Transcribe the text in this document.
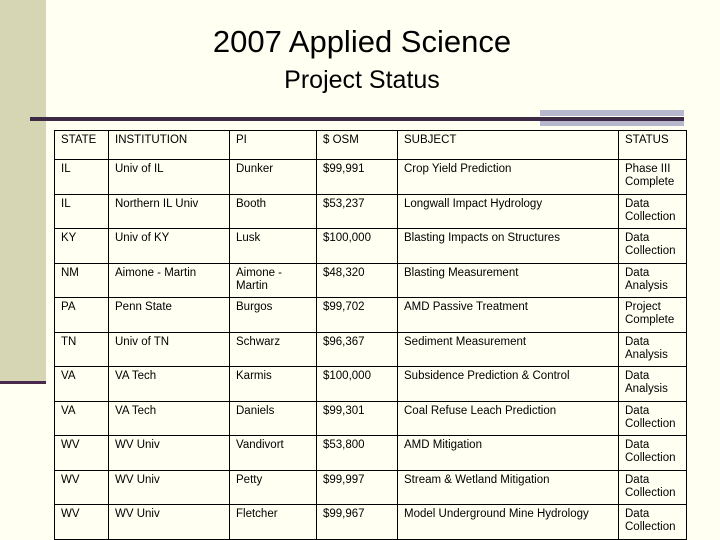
2007 Applied Science
Project Status
STATE	INSTITUTION	PI	$ OSM	SUBJECT	STATUS
IL	Univ of IL	Dunker	$99,991	Crop Yield Prediction	Phase III Complete
IL	Northern IL Univ	Booth	$53,237	Longwall Impact Hydrology	Data Collection
KY	Univ of KY	Lusk	$100,000	Blasting Impacts on Structures	Data Collection
NM	Aimone - Martin	Aimone - Martin	$48,320	Blasting Measurement	Data Analysis
PA	Penn State	Burgos	$99,702	AMD Passive Treatment	Project Complete
TN	Univ of TN	Schwarz	$96,367	Sediment Measurement	Data Analysis
VA	VA Tech	Karmis	$100,000	Subsidence Prediction & Control	Data Analysis
VA	VA Tech	Daniels	$99,301	Coal Refuse Leach Prediction	Data Collection
WV	WV Univ	Vandivort	$53,800	AMD Mitigation	Data Collection
WV	WV Univ	Petty	$99,997	Stream & Wetland Mitigation	Data Collection
WV	WV Univ	Fletcher	$99,967	Model Underground Mine Hydrology	Data Collection
